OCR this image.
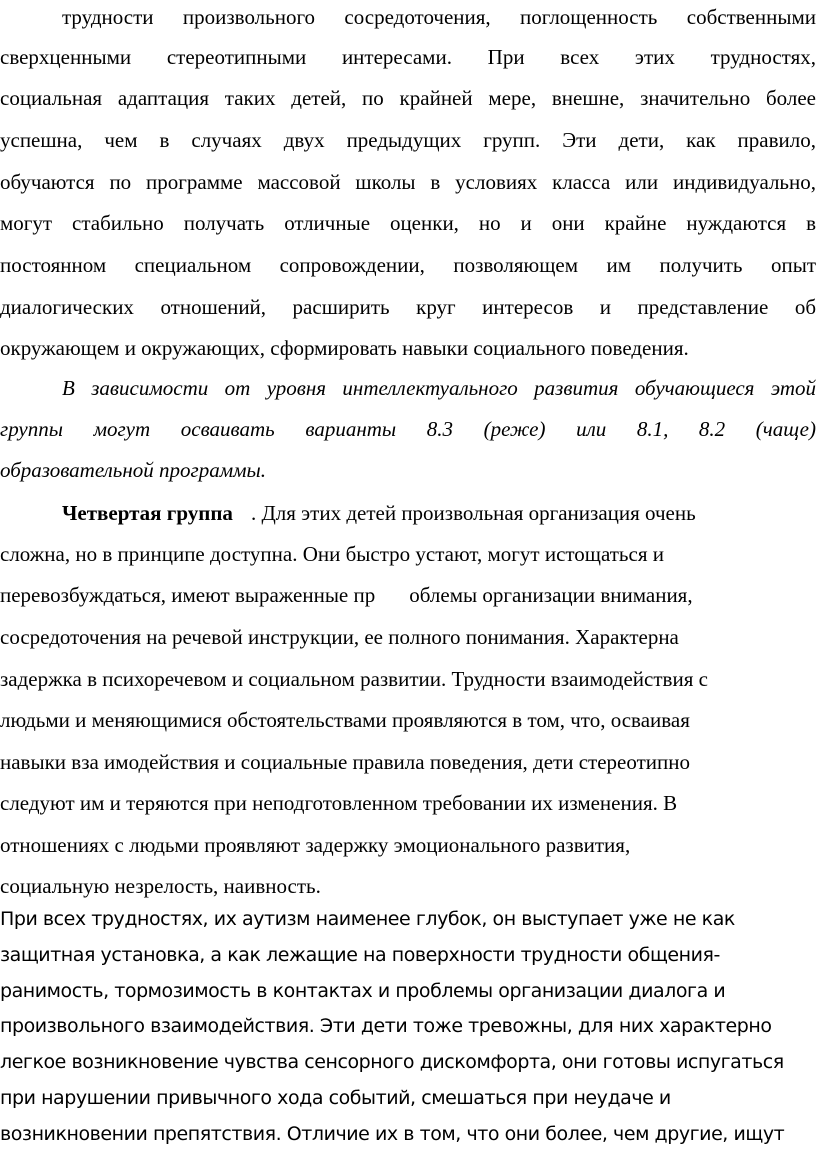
трудности произвольного сосредоточения, поглощенность собственными
сверхценными стереотипными интересами. При всех этих трудностях,
социальная адаптация таких детей, по крайней мере, внешне, значительно более
успешна, чем в случаях двух предыдущих групп. Эти дети, как правило,
обучаются по программе массовой школы в условиях класса или индивидуально,
могут стабильно получать отличные оценки, но и они крайне нуждаются в
постоянном специальном сопровождении, позволяющем им получить опыт
диалогических отношений, расширить круг интересов и представление об
окружающем и окружающих, сформировать навыки социального поведения.
В зависимости от уровня интеллектуального развития обучающиеся этой
группы могут осваивать варианты 8.3 (реже) или 8.1, 8.2 (чаще)
образовательной программы.
Четвертая группа . Для этих детей произвольная организация очень
сложна, но в принципе доступна. Они быстро устают, могут истощаться и
перевозбуждаться, имеют выраженные пр облемы организации внимания,
сосредоточения на речевой инструкции, ее полного понимания. Характерна
задержка в психоречевом и социальном развитии. Трудности взаимодействия с
людьми и меняющимися обстоятельствами проявляются в том, что, осваивая
навыки вза имодействия и социальные правила поведения, дети стереотипно
следуют им и теряются при неподготовленном требовании их изменения. В
отношениях с людьми проявляют задержку эмоционального развития,
социальную незрелость, наивность.
При всех трудностях, их аутизм наименее глубок, он выступает уже не как
защитная установка, а как лежащие на поверхности трудности общения-
ранимость, тормозимость в контактах и проблемы организации диалога и
произвольного взаимодействия. Эти дети тоже тревожны, для них характерно
легкое возникновение чувства сенсорного дискомфорта, они готовы испугаться
при нарушении привычного хода событий, смешаться при неудаче и
возникновении препятствия. Отличие их в том, что они более, чем другие, ищут
